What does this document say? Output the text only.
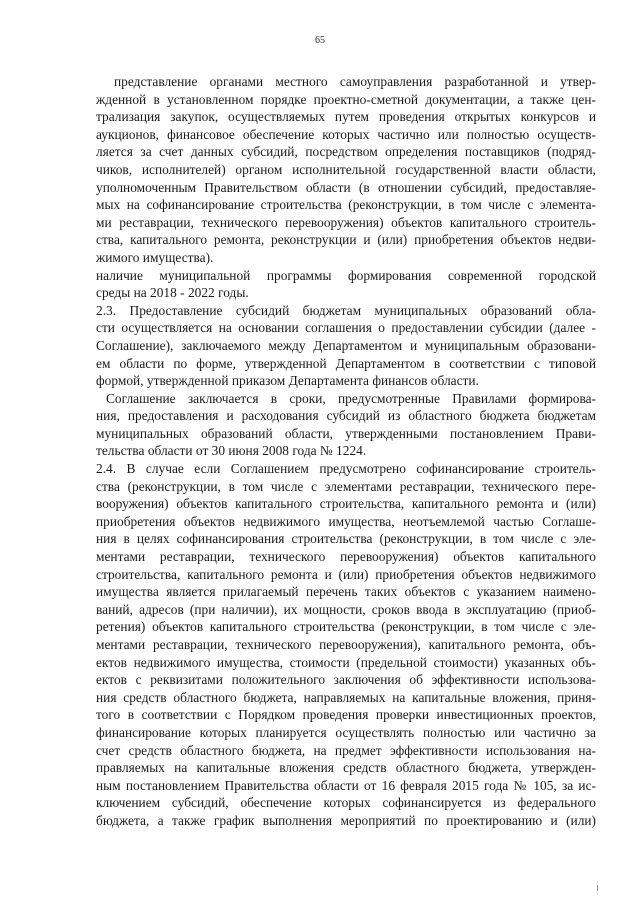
65
представление органами местного самоуправления разработанной и утвер-
жденной в установленном порядке проектно-сметной документации, а также цен-
трализация закупок, осуществляемых путем проведения открытых конкурсов и
аукционов, финансовое обеспечение которых частично или полностью осуществ-
ляется за счет данных субсидий, посредством определения поставщиков (подряд-
чиков, исполнителей) органом исполнительной государственной власти области,
уполномоченным Правительством области (в отношении субсидий, предоставляе-
мых на софинансирование строительства (реконструкции, в том числе с элемента-
ми реставрации, технического перевооружения) объектов капитального строитель-
ства, капитального ремонта, реконструкции и (или) приобретения объектов недви-
жимого имущества).
наличие муниципальной программы формирования современной городской
среды на 2018 - 2022 годы.
2.3. Предоставление субсидий бюджетам муниципальных образований обла-
сти осуществляется на основании соглашения о предоставлении субсидии (далее -
Соглашение), заключаемого между Департаментом и муниципальным образовани-
ем области по форме, утвержденной Департаментом в соответствии с типовой
формой, утвержденной приказом Департамента финансов области.
Соглашение заключается в сроки, предусмотренные Правилами формирова-
ния, предоставления и расходования субсидий из областного бюджета бюджетам
муниципальных образований области, утвержденными постановлением Прави-
тельства области от 30 июня 2008 года № 1224.
2.4. В случае если Соглашением предусмотрено софинансирование строитель-
ства (реконструкции, в том числе с элементами реставрации, технического пере-
вооружения) объектов капитального строительства, капитального ремонта и (или)
приобретения объектов недвижимого имущества, неотъемлемой частью Соглаше-
ния в целях софинансирования строительства (реконструкции, в том числе с эле-
ментами реставрации, технического перевооружения) объектов капитального
строительства, капитального ремонта и (или) приобретения объектов недвижимого
имущества является прилагаемый перечень таких объектов с указанием наимено-
ваний, адресов (при наличии), их мощности, сроков ввода в эксплуатацию (приоб-
ретения) объектов капитального строительства (реконструкции, в том числе с эле-
ментами реставрации, технического перевооружения), капитального ремонта, объ-
ектов недвижимого имущества, стоимости (предельной стоимости) указанных объ-
ектов с реквизитами положительного заключения об эффективности использова-
ния средств областного бюджета, направляемых на капитальные вложения, приня-
того в соответствии с Порядком проведения проверки инвестиционных проектов,
финансирование которых планируется осуществлять полностью или частично за
счет средств областного бюджета, на предмет эффективности использования на-
правляемых на капитальные вложения средств областного бюджета, утвержден-
ным постановлением Правительства области от 16 февраля 2015 года № 105, за ис-
ключением субсидий, обеспечение которых софинансируется из федерального
бюджета, а также график выполнения мероприятий по проектированию и (или)
